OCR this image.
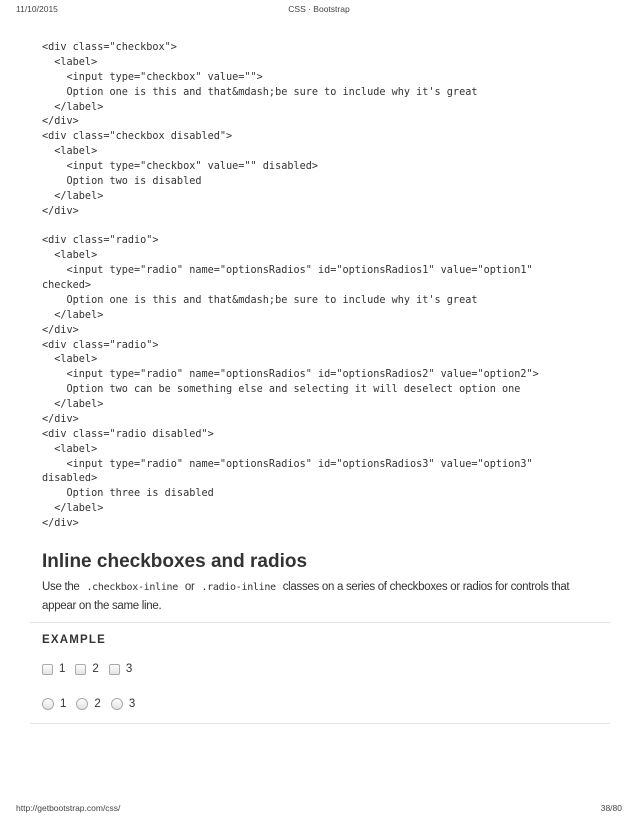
11/10/2015	CSS · Bootstrap
<div class="checkbox">
<label>
<input type="checkbox" value="">
Option one is this and that&mdash;be sure to include why it's great
</label>
</div>
<div class="checkbox disabled">
<label>
<input type="checkbox" value="" disabled>
Option two is disabled
</label>
</div>
<div class="radio">
<label>
<input type="radio" name="optionsRadios" id="optionsRadios1" value="option1"
checked>
Option one is this and that&mdash;be sure to include why it's great
</label>
</div>
<div class="radio">
<label>
<input type="radio" name="optionsRadios" id="optionsRadios2" value="option2">
Option two can be something else and selecting it will deselect option one
</label>
</div>
<div class="radio disabled">
<label>
<input type="radio" name="optionsRadios" id="optionsRadios3" value="option3"
disabled>
Option three is disabled
</label>
</div>
Inline checkboxes and radios
Use the .checkbox-inline or .radio-inline classes on a series of checkboxes or radios for controls that appear on the same line.
EXAMPLE
1 2 3
1 2 3
http://getbootstrap.com/css/	38/80
